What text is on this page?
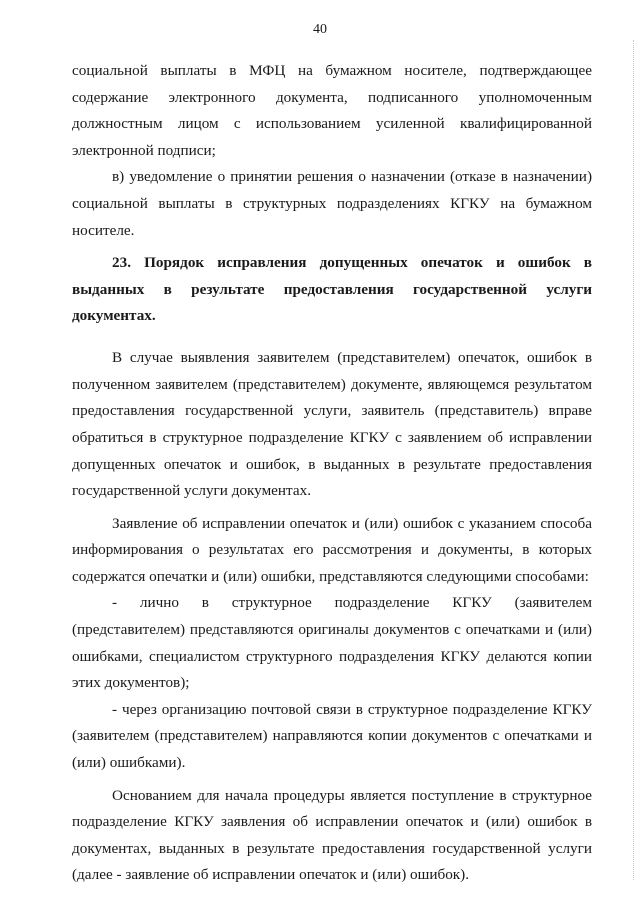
40

социальной выплаты в МФЦ на бумажном носителе, подтверждающее содержание электронного документа, подписанного уполномоченным должностным лицом с использованием усиленной квалифицированной электронной подписи;

в) уведомление о принятии решения о назначении (отказе в назначении) социальной выплаты в структурных подразделениях КГКУ на бумажном носителе.

23. Порядок исправления допущенных опечаток и ошибок в выданных в результате предоставления государственной услуги документах.

В случае выявления заявителем (представителем) опечаток, ошибок в полученном заявителем (представителем) документе, являющемся результатом предоставления государственной услуги, заявитель (представитель) вправе обратиться в структурное подразделение КГКУ с заявлением об исправлении допущенных опечаток и ошибок, в выданных в результате предоставления государственной услуги документах.

Заявление об исправлении опечаток и (или) ошибок с указанием способа информирования о результатах его рассмотрения и документы, в которых содержатся опечатки и (или) ошибки, представляются следующими способами:

- лично в структурное подразделение КГКУ (заявителем (представителем) представляются оригиналы документов с опечатками и (или) ошибками, специалистом структурного подразделения КГКУ делаются копии этих документов);

- через организацию почтовой связи в структурное подразделение КГКУ (заявителем (представителем) направляются копии документов с опечатками и (или) ошибками).

Основанием для начала процедуры является поступление в структурное подразделение КГКУ заявления об исправлении опечаток и (или) ошибок в документах, выданных в результате предоставления государственной услуги (далее - заявление об исправлении опечаток и (или) ошибок).
